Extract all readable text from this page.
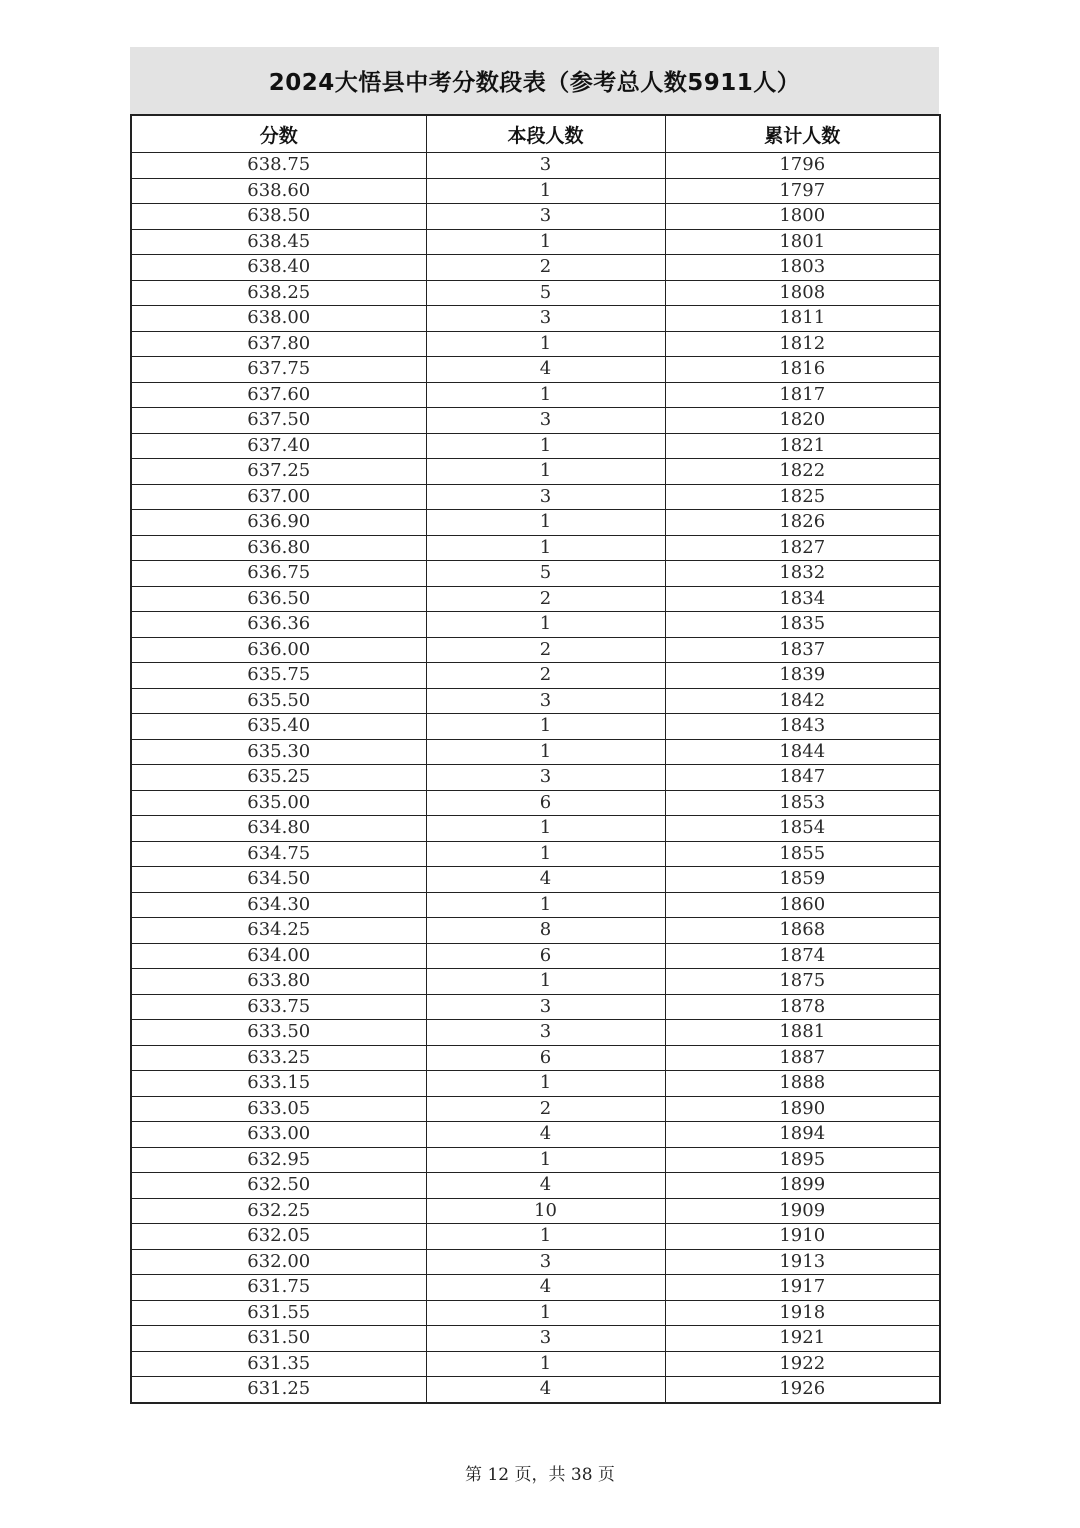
2024大悟县中考分数段表（参考总人数5911人）
分数	本段人数	累计人数
638.75	3	1796
638.60	1	1797
638.50	3	1800
638.45	1	1801
638.40	2	1803
638.25	5	1808
638.00	3	1811
637.80	1	1812
637.75	4	1816
637.60	1	1817
637.50	3	1820
637.40	1	1821
637.25	1	1822
637.00	3	1825
636.90	1	1826
636.80	1	1827
636.75	5	1832
636.50	2	1834
636.36	1	1835
636.00	2	1837
635.75	2	1839
635.50	3	1842
635.40	1	1843
635.30	1	1844
635.25	3	1847
635.00	6	1853
634.80	1	1854
634.75	1	1855
634.50	4	1859
634.30	1	1860
634.25	8	1868
634.00	6	1874
633.80	1	1875
633.75	3	1878
633.50	3	1881
633.25	6	1887
633.15	1	1888
633.05	2	1890
633.00	4	1894
632.95	1	1895
632.50	4	1899
632.25	10	1909
632.05	1	1910
632.00	3	1913
631.75	4	1917
631.55	1	1918
631.50	3	1921
631.35	1	1922
631.25	4	1926
第 12 页，共 38 页
